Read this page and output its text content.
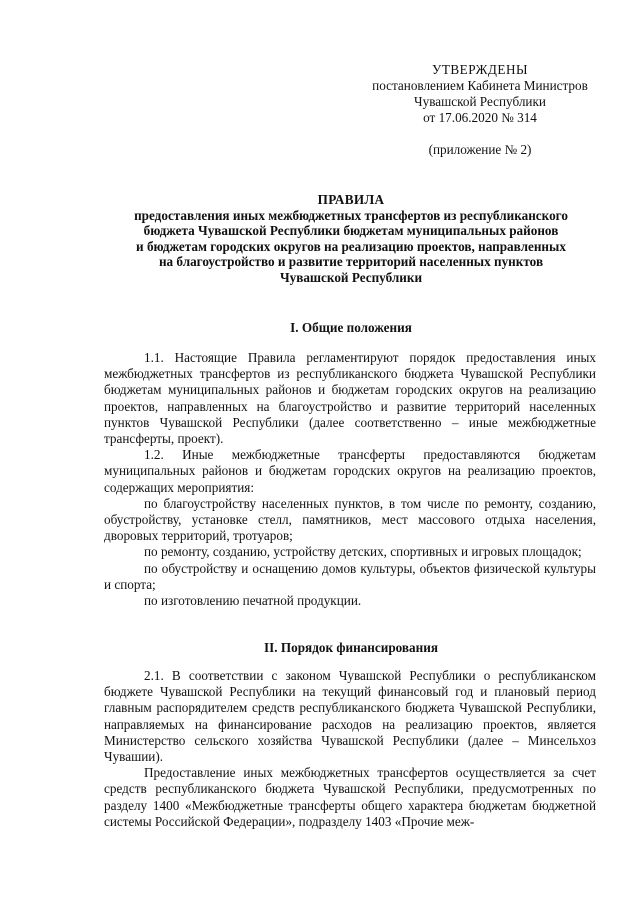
УТВЕРЖДЕНЫ
постановлением Кабинета Министров
Чувашской Республики
от 17.06.2020 № 314
(приложение № 2)
ПРАВИЛА
предоставления иных межбюджетных трансфертов из республиканского
бюджета Чувашской Республики бюджетам муниципальных районов
и бюджетам городских округов на реализацию проектов, направленных
на благоустройство и развитие территорий населенных пунктов
Чувашской Республики
I. Общие положения

1.1. Настоящие Правила регламентируют порядок предоставления иных межбюджетных трансфертов из республиканского бюджета Чувашской Республики бюджетам муниципальных районов и бюджетам городских округов на реализацию проектов, направленных на благоустройство и развитие территорий населенных пунктов Чувашской Республики (далее соответственно – иные межбюджетные трансферты, проект).

1.2. Иные межбюджетные трансферты предоставляются бюджетам муниципальных районов и бюджетам городских округов на реализацию проектов, содержащих мероприятия:

по благоустройству населенных пунктов, в том числе по ремонту, созданию, обустройству, установке стелл, памятников, мест массового отдыха населения, дворовых территорий, тротуаров;

по ремонту, созданию, устройству детских, спортивных и игровых площадок;

по обустройству и оснащению домов культуры, объектов физической культуры и спорта;

по изготовлению печатной продукции.

II. Порядок финансирования

2.1. В соответствии с законом Чувашской Республики о республиканском бюджете Чувашской Республики на текущий финансовый год и плановый период главным распорядителем средств республиканского бюджета Чувашской Республики, направляемых на финансирование расходов на реализацию проектов, является Министерство сельского хозяйства Чувашской Республики (далее – Минсельхоз Чувашии).

Предоставление иных межбюджетных трансфертов осуществляется за счет средств республиканского бюджета Чувашской Республики, предусмотренных по разделу 1400 «Межбюджетные трансферты общего характера бюджетам бюджетной системы Российской Федерации», подразделу 1403 «Прочие меж-
